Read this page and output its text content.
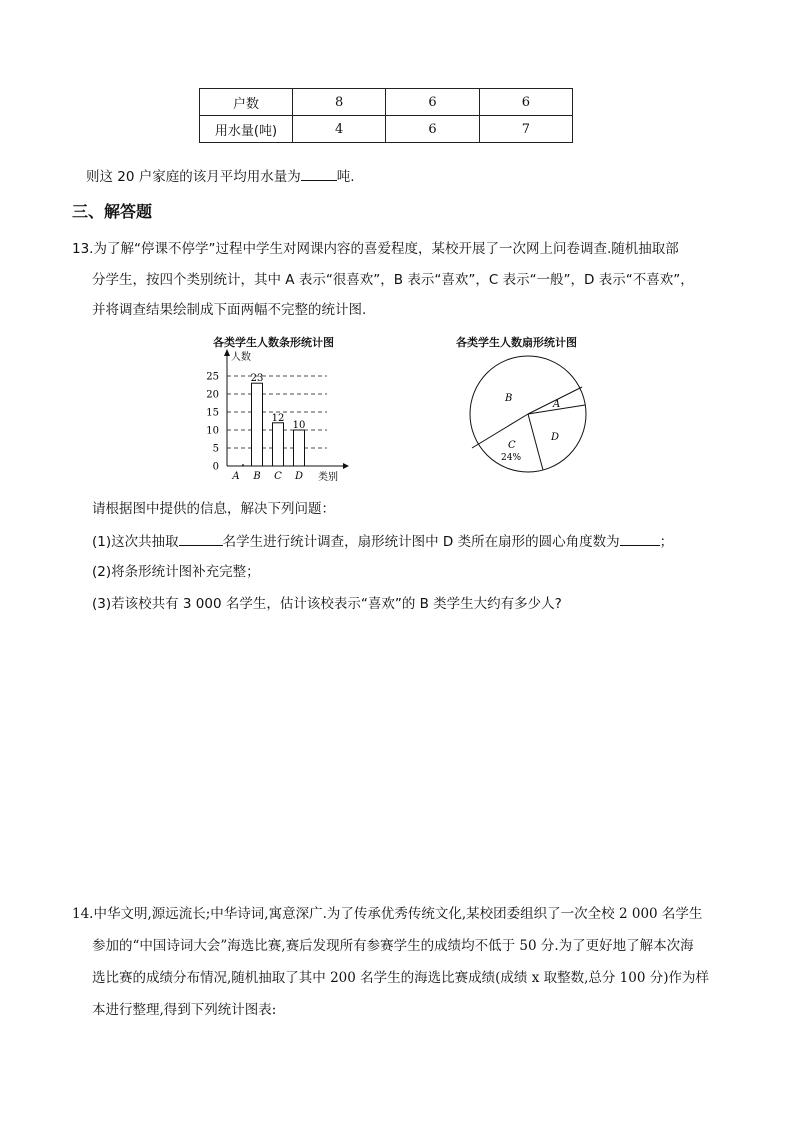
户数	8	6	6
用水量(吨)	4	6	7
则这 20 户家庭的该月平均用水量为	吨.
三、解答题
13.为了解“停课不停学”过程中学生对网课内容的喜爱程度，某校开展了一次网上问卷调查.随机抽取部
分学生，按四个类别统计，其中 A 表示“很喜欢”，B 表示“喜欢”，C 表示“一般”，D 表示“不喜欢”，
并将调查结果绘制成下面两幅不完整的统计图.
各类学生人数条形统计图
人数
类别
0
5
10
15
20
25
A B C D
23
12
10
各类学生人数扇形统计图
B
A
D
C
24%
请根据图中提供的信息，解决下列问题：
(1)这次共抽取	名学生进行统计调查，扇形统计图中 D 类所在扇形的圆心角度数为	；
(2)将条形统计图补充完整；
(3)若该校共有 3 000 名学生，估计该校表示“喜欢”的 B 类学生大约有多少人?
14.中华文明,源远流长;中华诗词,寓意深广.为了传承优秀传统文化,某校团委组织了一次全校 2 000 名学生
参加的“中国诗词大会”海选比赛,赛后发现所有参赛学生的成绩均不低于 50 分.为了更好地了解本次海
选比赛的成绩分布情况,随机抽取了其中 200 名学生的海选比赛成绩(成绩 x 取整数,总分 100 分)作为样
本进行整理,得到下列统计图表:
